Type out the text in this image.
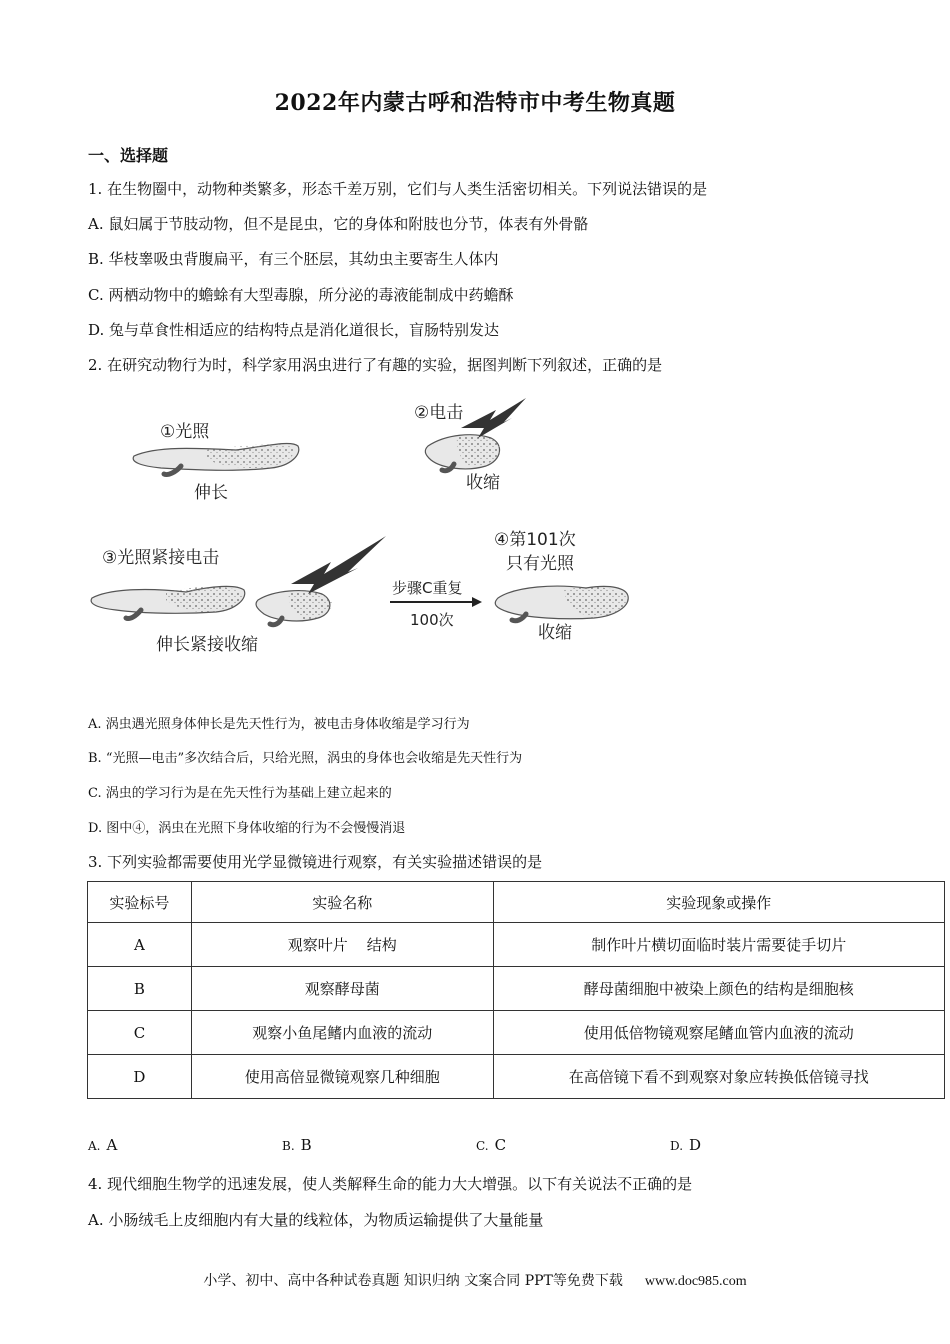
2022年内蒙古呼和浩特市中考生物真题
一、选择题
1. 在生物圈中，动物种类繁多，形态千差万别，它们与人类生活密切相关。下列说法错误的是
A. 鼠妇属于节肢动物，但不是昆虫，它的身体和附肢也分节，体表有外骨骼
B. 华枝睾吸虫背腹扁平，有三个胚层，其幼虫主要寄生人体内
C. 两栖动物中的蟾蜍有大型毒腺，所分泌的毒液能制成中药蟾酥
D. 兔与草食性相适应的结构特点是消化道很长，盲肠特别发达
2. 在研究动物行为时，科学家用涡虫进行了有趣的实验，据图判断下列叙述，正确的是
①光照
伸长
②电击
收缩
③光照紧接电击
伸长紧接收缩
步骤C重复
100次
④第101次
只有光照
收缩
A. 涡虫遇光照身体伸长是先天性行为，被电击身体收缩是学习行为
B. “光照—电击”多次结合后，只给光照，涡虫的身体也会收缩是先天性行为
C. 涡虫的学习行为是在先天性行为基础上建立起来的
D. 图中④，涡虫在光照下身体收缩的行为不会慢慢消退
3. 下列实验都需要使用光学显微镜进行观察，有关实验描述错误的是
实验标号	实验名称	实验现象或操作
A	观察叶片    结构	制作叶片横切面临时装片需要徒手切片
B	观察酵母菌	酵母菌细胞中被染上颜色的结构是细胞核
C	观察小鱼尾鳍内血液的流动	使用低倍物镜观察尾鳍血管内血液的流动
D	使用高倍显微镜观察几种细胞	在高倍镜下看不到观察对象应转换低倍镜寻找
A. A	B. B	C. C	D. D
4. 现代细胞生物学的迅速发展，使人类解释生命的能力大大增强。以下有关说法不正确的是
A. 小肠绒毛上皮细胞内有大量的线粒体，为物质运输提供了大量能量
小学、初中、高中各种试卷真题 知识归纳 文案合同 PPT等免费下载 www.doc985.com
